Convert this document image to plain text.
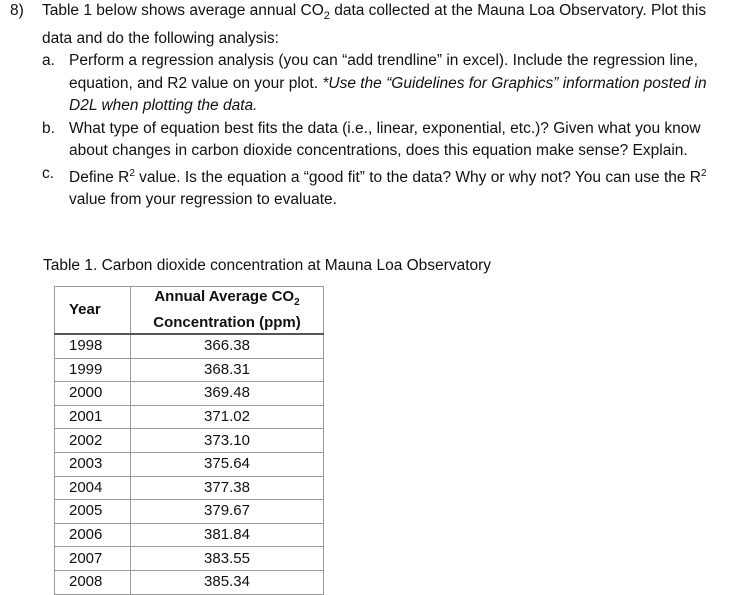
8)	Table 1 below shows average annual $CO_2$ data collected at the Mauna Loa Observatory. Plot this data and do the following analysis:
a. Perform a regression analysis (you can “add trendline” in excel). Include the regression line, equation, and R2 value on your plot. *Use the “Guidelines for Graphics” information posted in D2L when plotting the data.
b. What type of equation best fits the data (i.e., linear, exponential, etc.)? Given what you know about changes in carbon dioxide concentrations, does this equation make sense? Explain.
c. Define $R^2$ value. Is the equation a “good fit” to the data? Why or why not? You can use the $R^2$ value from your regression to evaluate.
Table 1. Carbon dioxide concentration at Mauna Loa Observatory
Year	Annual Average $CO_2$
Concentration (ppm)
1998	366.38
1999	368.31
2000	369.48
2001	371.02
2002	373.10
2003	375.64
2004	377.38
2005	379.67
2006	381.84
2007	383.55
2008	385.34
